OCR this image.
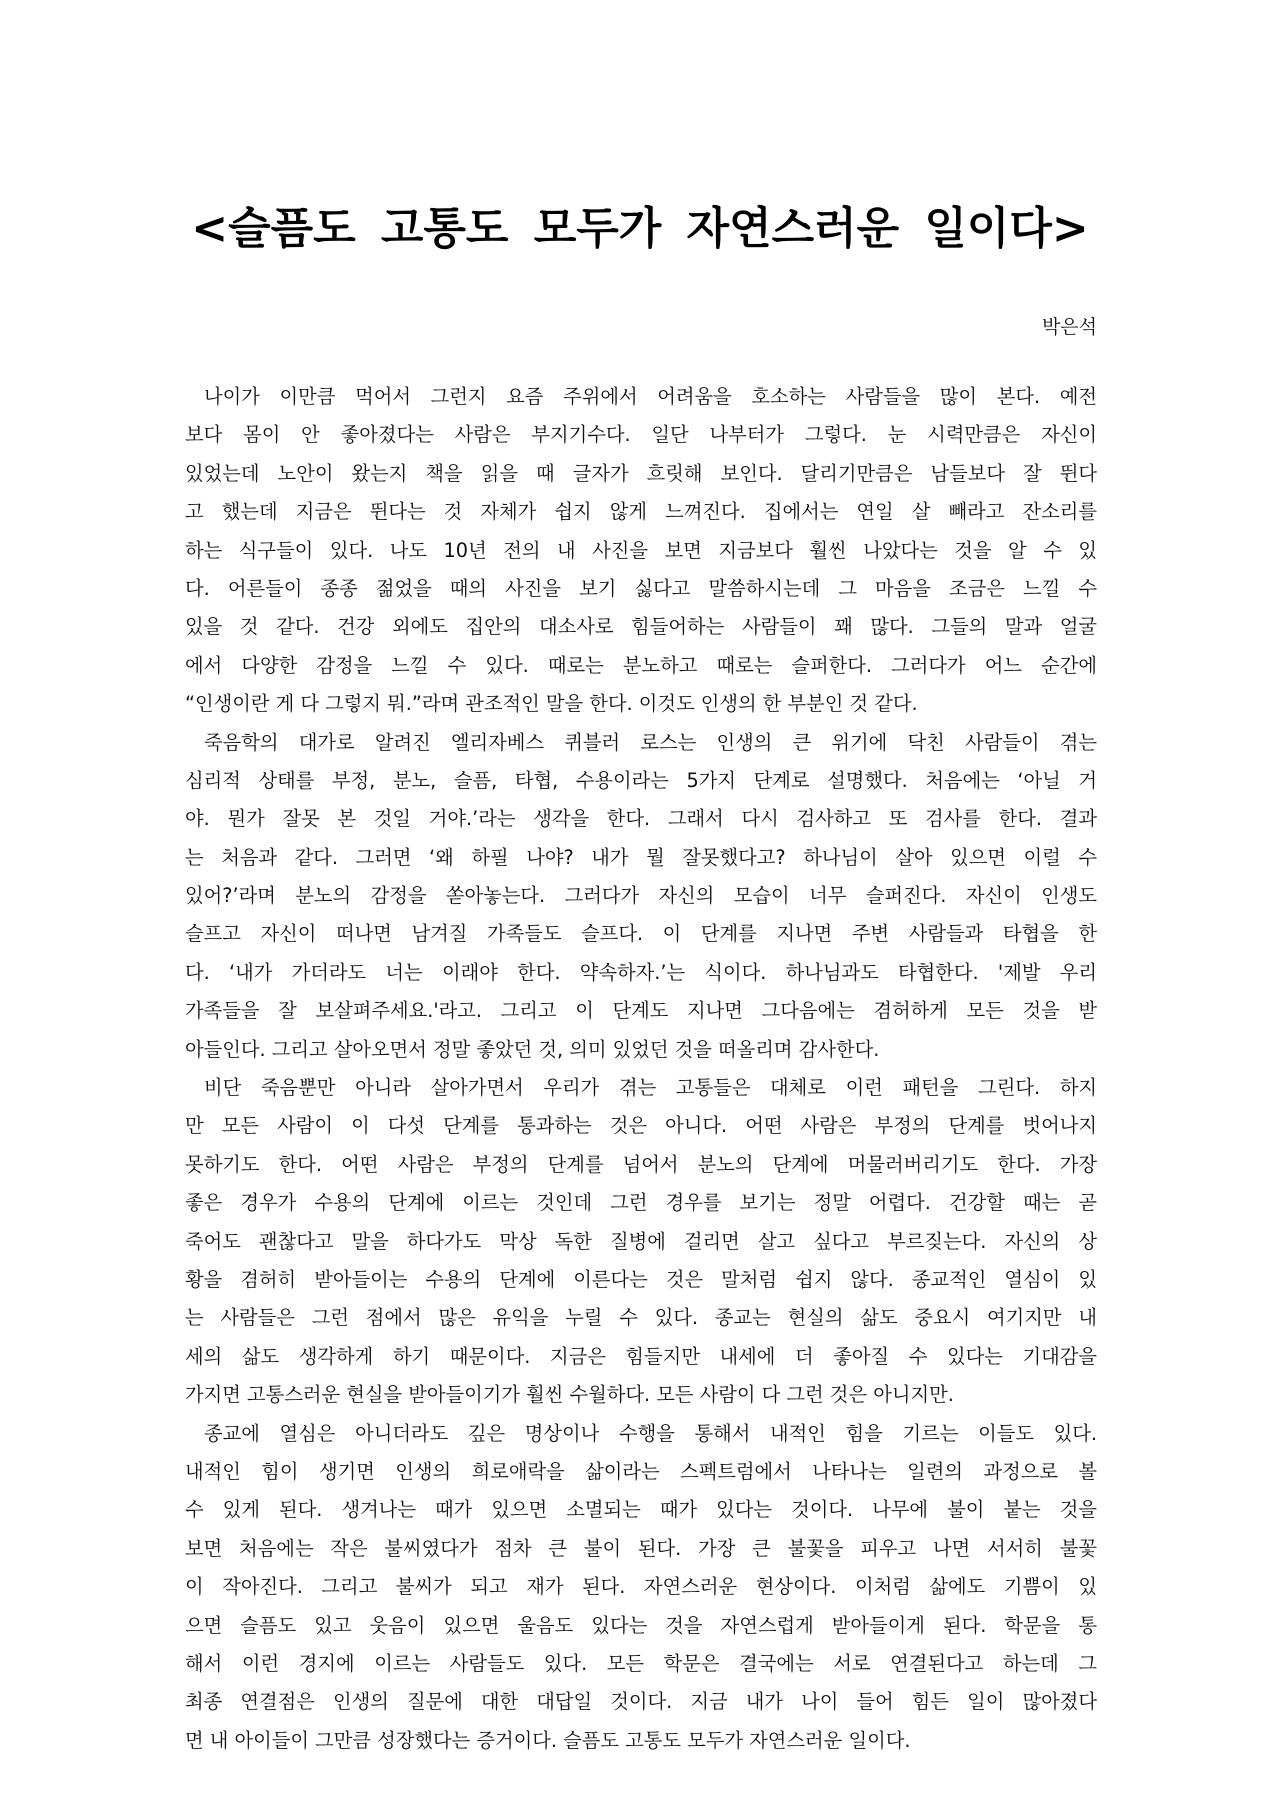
<슬픔도 고통도 모두가 자연스러운 일이다>
박은석
나이가 이만큼 먹어서 그런지 요즘 주위에서 어려움을 호소하는 사람들을 많이 본다. 예전
보다 몸이 안 좋아졌다는 사람은 부지기수다. 일단 나부터가 그렇다. 눈 시력만큼은 자신이
있었는데 노안이 왔는지 책을 읽을 때 글자가 흐릿해 보인다. 달리기만큼은 남들보다 잘 뛴다
고 했는데 지금은 뛴다는 것 자체가 쉽지 않게 느껴진다. 집에서는 연일 살 빼라고 잔소리를
하는 식구들이 있다. 나도 10년 전의 내 사진을 보면 지금보다 훨씬 나았다는 것을 알 수 있
다. 어른들이 종종 젊었을 때의 사진을 보기 싫다고 말씀하시는데 그 마음을 조금은 느낄 수
있을 것 같다. 건강 외에도 집안의 대소사로 힘들어하는 사람들이 꽤 많다. 그들의 말과 얼굴
에서 다양한 감정을 느낄 수 있다. 때로는 분노하고 때로는 슬퍼한다. 그러다가 어느 순간에
“인생이란 게 다 그렇지 뭐.”라며 관조적인 말을 한다. 이것도 인생의 한 부분인 것 같다.
죽음학의 대가로 알려진 엘리자베스 퀴블러 로스는 인생의 큰 위기에 닥친 사람들이 겪는
심리적 상태를 부정, 분노, 슬픔, 타협, 수용이라는 5가지 단계로 설명했다. 처음에는 ‘아닐 거
야. 뭔가 잘못 본 것일 거야.’라는 생각을 한다. 그래서 다시 검사하고 또 검사를 한다. 결과
는 처음과 같다. 그러면 ‘왜 하필 나야? 내가 뭘 잘못했다고? 하나님이 살아 있으면 이럴 수
있어?’라며 분노의 감정을 쏟아놓는다. 그러다가 자신의 모습이 너무 슬퍼진다. 자신이 인생도
슬프고 자신이 떠나면 남겨질 가족들도 슬프다. 이 단계를 지나면 주변 사람들과 타협을 한
다. ‘내가 가더라도 너는 이래야 한다. 약속하자.’는 식이다. 하나님과도 타협한다. '제발 우리
가족들을 잘 보살펴주세요.'라고. 그리고 이 단계도 지나면 그다음에는 겸허하게 모든 것을 받
아들인다. 그리고 살아오면서 정말 좋았던 것, 의미 있었던 것을 떠올리며 감사한다.
비단 죽음뿐만 아니라 살아가면서 우리가 겪는 고통들은 대체로 이런 패턴을 그린다. 하지
만 모든 사람이 이 다섯 단계를 통과하는 것은 아니다. 어떤 사람은 부정의 단계를 벗어나지
못하기도 한다. 어떤 사람은 부정의 단계를 넘어서 분노의 단계에 머물러버리기도 한다. 가장
좋은 경우가 수용의 단계에 이르는 것인데 그런 경우를 보기는 정말 어렵다. 건강할 때는 곧
죽어도 괜찮다고 말을 하다가도 막상 독한 질병에 걸리면 살고 싶다고 부르짖는다. 자신의 상
황을 겸허히 받아들이는 수용의 단계에 이른다는 것은 말처럼 쉽지 않다. 종교적인 열심이 있
는 사람들은 그런 점에서 많은 유익을 누릴 수 있다. 종교는 현실의 삶도 중요시 여기지만 내
세의 삶도 생각하게 하기 때문이다. 지금은 힘들지만 내세에 더 좋아질 수 있다는 기대감을
가지면 고통스러운 현실을 받아들이기가 훨씬 수월하다. 모든 사람이 다 그런 것은 아니지만.
종교에 열심은 아니더라도 깊은 명상이나 수행을 통해서 내적인 힘을 기르는 이들도 있다.
내적인 힘이 생기면 인생의 희로애락을 삶이라는 스펙트럼에서 나타나는 일련의 과정으로 볼
수 있게 된다. 생겨나는 때가 있으면 소멸되는 때가 있다는 것이다. 나무에 불이 붙는 것을
보면 처음에는 작은 불씨였다가 점차 큰 불이 된다. 가장 큰 불꽃을 피우고 나면 서서히 불꽃
이 작아진다. 그리고 불씨가 되고 재가 된다. 자연스러운 현상이다. 이처럼 삶에도 기쁨이 있
으면 슬픔도 있고 웃음이 있으면 울음도 있다는 것을 자연스럽게 받아들이게 된다. 학문을 통
해서 이런 경지에 이르는 사람들도 있다. 모든 학문은 결국에는 서로 연결된다고 하는데 그
최종 연결점은 인생의 질문에 대한 대답일 것이다. 지금 내가 나이 들어 힘든 일이 많아졌다
면 내 아이들이 그만큼 성장했다는 증거이다. 슬픔도 고통도 모두가 자연스러운 일이다.
